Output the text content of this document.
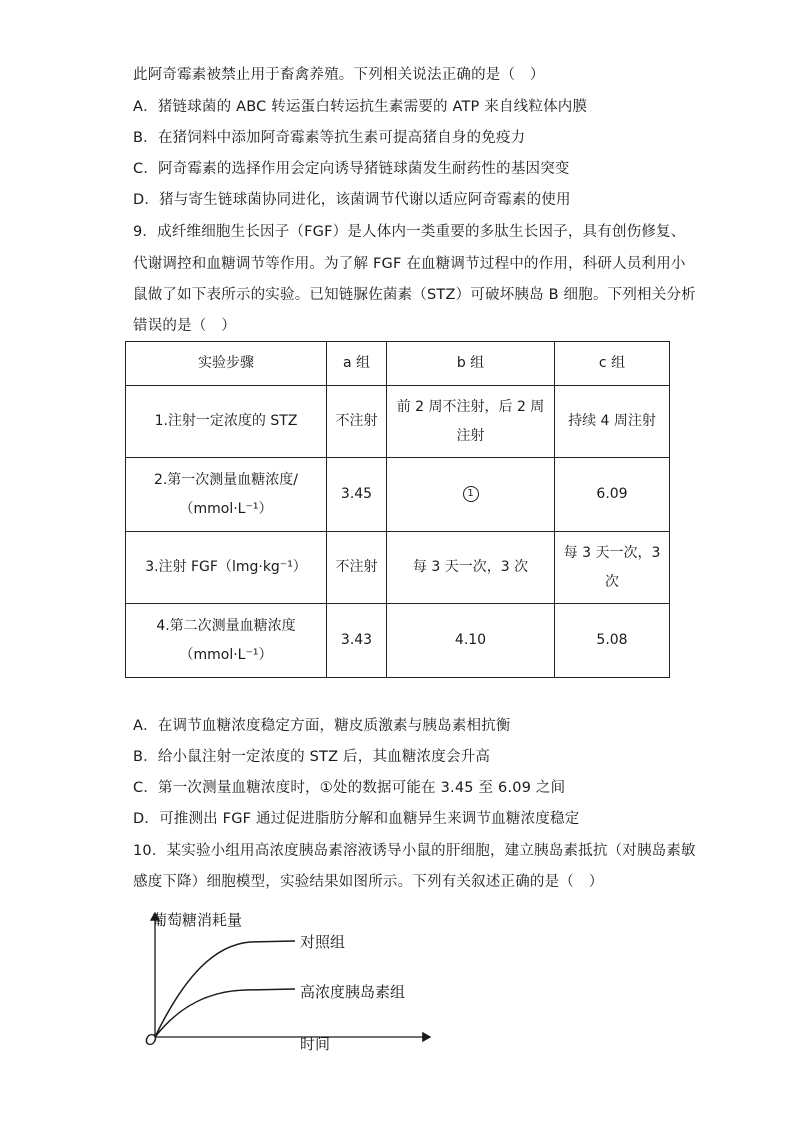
此阿奇霉素被禁止用于畜禽养殖。下列相关说法正确的是（　）
A．猪链球菌的 ABC 转运蛋白转运抗生素需要的 ATP 来自线粒体内膜
B．在猪饲料中添加阿奇霉素等抗生素可提高猪自身的免疫力
C．阿奇霉素的选择作用会定向诱导猪链球菌发生耐药性的基因突变
D．猪与寄生链球菌协同进化，该菌调节代谢以适应阿奇霉素的使用
9．成纤维细胞生长因子（FGF）是人体内一类重要的多肽生长因子，具有创伤修复、
代谢调控和血糖调节等作用。为了解 FGF 在血糖调节过程中的作用，科研人员利用小
鼠做了如下表所示的实验。已知链脲佐菌素（STZ）可破坏胰岛 B 细胞。下列相关分析
错误的是（　）
实验步骤	a 组	b 组	c 组
1.注射一定浓度的 STZ	不注射	前 2 周不注射，后 2 周注射	持续 4 周注射
2.第一次测量血糖浓度/（mmol·L⁻¹）	3.45	1	6.09
3.注射 FGF（lmg·kg⁻¹）	不注射	每 3 天一次，3 次	每 3 天一次，3 次
4.第二次测量血糖浓度（mmol·L⁻¹）	3.43	4.10	5.08
A．在调节血糖浓度稳定方面，糖皮质激素与胰岛素相抗衡
B．给小鼠注射一定浓度的 STZ 后，其血糖浓度会升高
C．第一次测量血糖浓度时，①处的数据可能在 3.45 至 6.09 之间
D．可推测出 FGF 通过促进脂肪分解和血糖异生来调节血糖浓度稳定
10．某实验小组用高浓度胰岛素溶液诱导小鼠的肝细胞，建立胰岛素抵抗（对胰岛素敏
感度下降）细胞模型，实验结果如图所示。下列有关叙述正确的是（　）
葡萄糖消耗量
对照组
高浓度胰岛素组
O	时间
